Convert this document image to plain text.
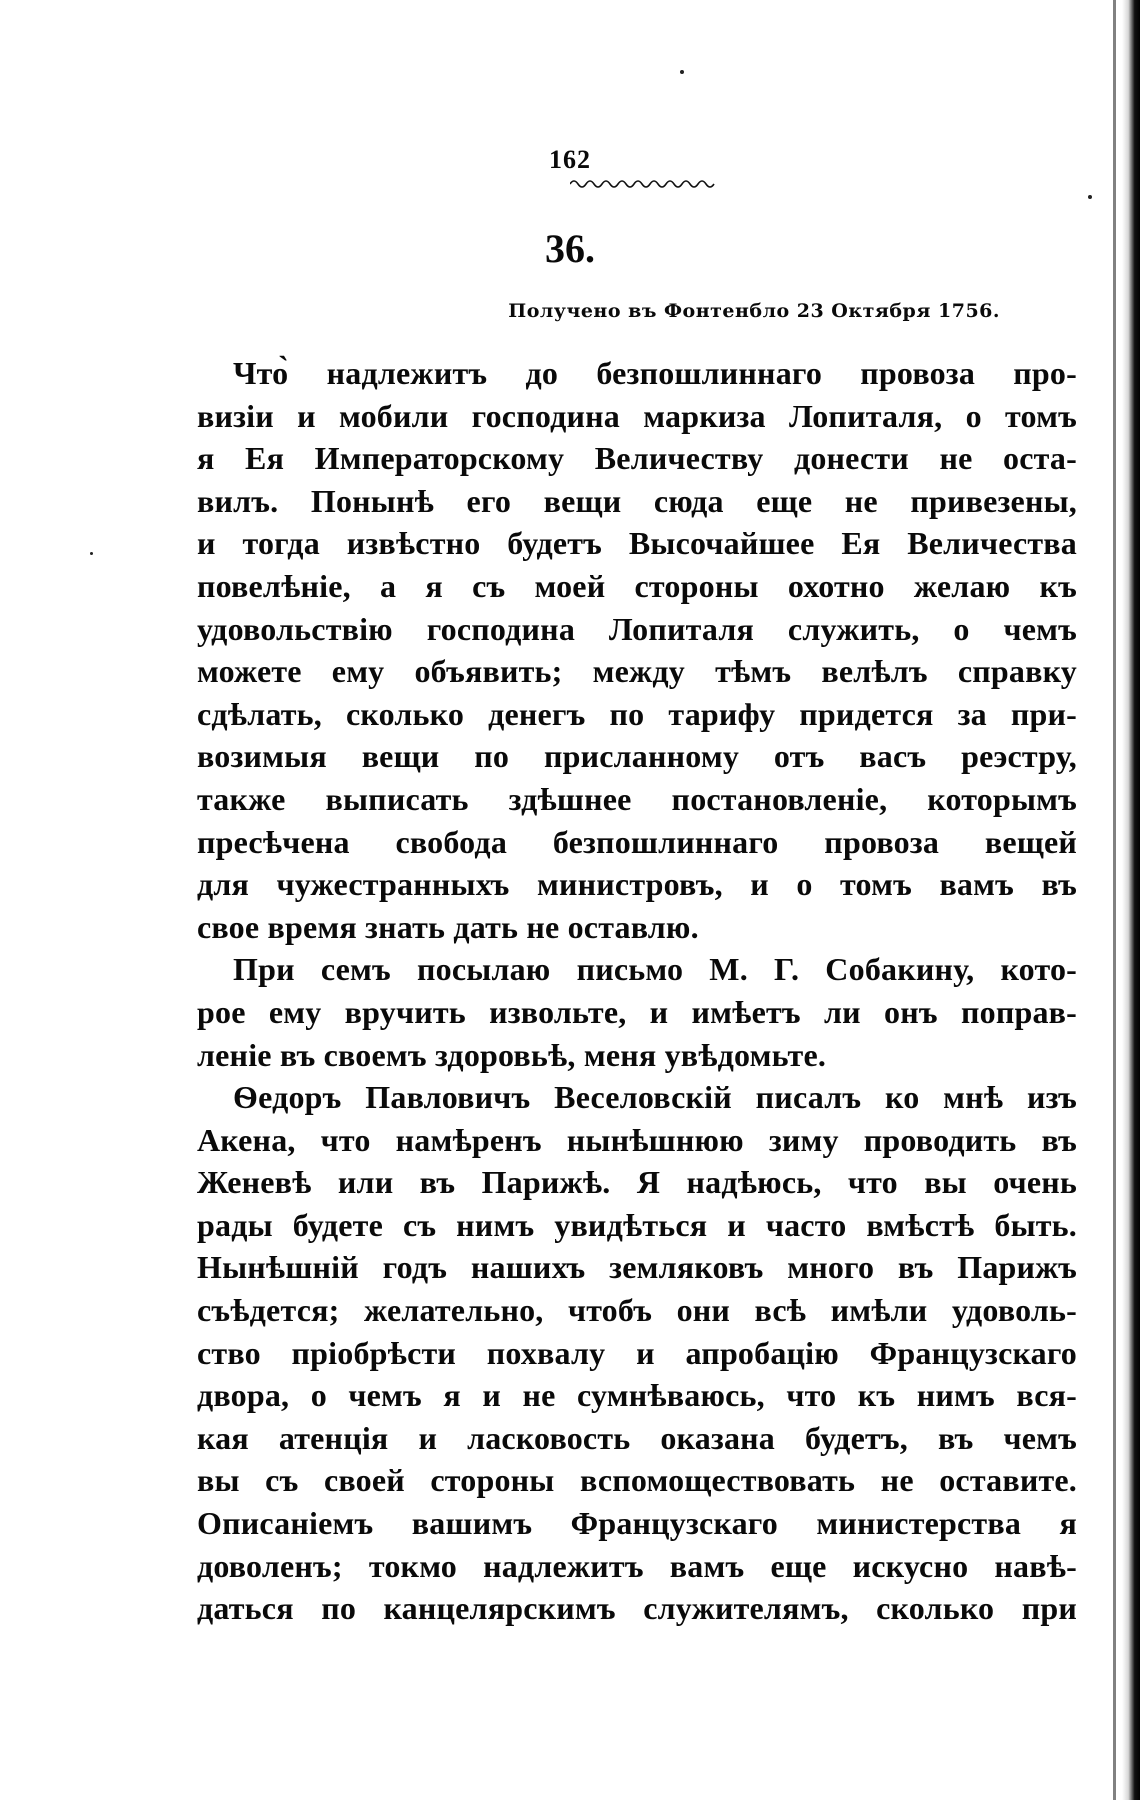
162
36.
Получено въ Фонтенбло 23 Октября 1756.
Что̀ надлежитъ до безпошлиннаго провоза про-
визіи и мобили господина маркиза Лопиталя, о томъ
я Ея Императорскому Величеству донести не оста-
вилъ. Понынѣ его вещи сюда еще не привезены,
и тогда извѣстно будетъ Высочайшее Ея Величества
повелѣніе, а я съ моей стороны охотно желаю къ
удовольствію господина Лопиталя служить, о чемъ
можете ему объявить; между тѣмъ велѣлъ справку
сдѣлать, сколько денегъ по тарифу придется за при-
возимыя вещи по присланному отъ васъ реэстру,
также выписать здѣшнее постановленіе, которымъ
пресѣчена свобода безпошлиннаго провоза вещей
для чужестранныхъ министровъ, и о томъ вамъ въ
свое время знать дать не оставлю.
При семъ посылаю письмо М. Г. Собакину, кото-
рое ему вручить извольте, и имѣетъ ли онъ поправ-
леніе въ своемъ здоровьѣ, меня увѣдомьте.
Ѳедоръ Павловичъ Веселовскій писалъ ко мнѣ изъ
Акена, что намѣренъ нынѣшнюю зиму проводить въ
Женевѣ или въ Парижѣ. Я надѣюсь, что вы очень
рады будете съ нимъ увидѣться и часто вмѣстѣ быть.
Нынѣшній годъ нашихъ земляковъ много въ Парижъ
съѣдется; желательно, чтобъ они всѣ имѣли удоволь-
ство пріобрѣсти похвалу и апробацію Французскаго
двора, о чемъ я и не сумнѣваюсь, что къ нимъ вся-
кая атенція и ласковость оказана будетъ, въ чемъ
вы съ своей стороны вспомоществовать не оставите.
Описаніемъ вашимъ Французскаго министерства я
доволенъ; токмо надлежитъ вамъ еще искусно навѣ-
даться по канцелярскимъ служителямъ, сколько при
